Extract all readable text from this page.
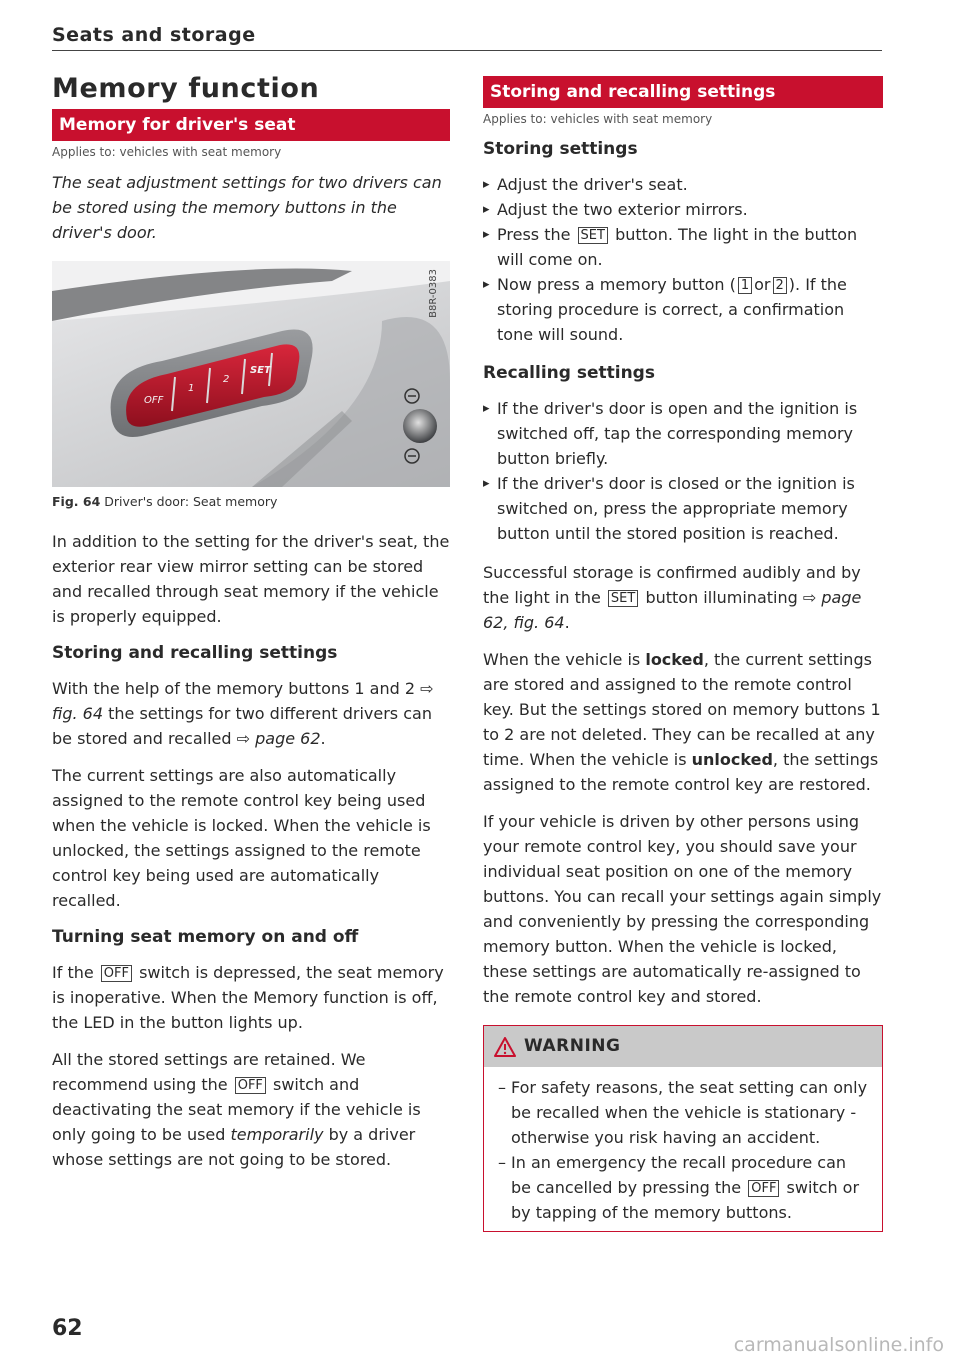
Seats and storage
Memory function
Memory for driver's seat
Applies to: vehicles with seat memory
The seat adjustment settings for two drivers can be stored using the memory buttons in the driver's door.
OFF
1
2
SET
B8R-0383
Fig. 64 Driver's door: Seat memory

In addition to the setting for the driver's seat, the exterior rear view mirror setting can be stored and recalled through seat memory if the vehicle is properly equipped.

Storing and recalling settings

With the help of the memory buttons 1 and 2 ⇨ fig. 64 the settings for two different drivers can be stored and recalled ⇨ page 62.

The current settings are also automatically assigned to the remote control key being used when the vehicle is locked. When the vehicle is unlocked, the settings assigned to the remote control key being used are automatically recalled.

Turning seat memory on and off

If the OFF switch is depressed, the seat memory is inoperative. When the Memory function is off, the LED in the button lights up.

All the stored settings are retained. We recommend using the OFF switch and deactivating the seat memory if the vehicle is only going to be used temporarily by a driver whose settings are not going to be stored.

Storing and recalling settings
Applies to: vehicles with seat memory
Storing settings
▸ Adjust the driver's seat.
▸ Adjust the two exterior mirrors.
▸ Press the SET button. The light in the button will come on.
▸ Now press a memory button ( 1 or 2 ). If the storing procedure is correct, a confirmation tone will sound.
Recalling settings
▸ If the driver's door is open and the ignition is switched off, tap the corresponding memory button briefly.
▸ If the driver's door is closed or the ignition is switched on, press the appropriate memory button until the stored position is reached.

Successful storage is confirmed audibly and by the light in the SET button illuminating ⇨ page 62, fig. 64.

When the vehicle is locked, the current settings are stored and assigned to the remote control key. But the settings stored on memory buttons 1 to 2 are not deleted. They can be recalled at any time. When the vehicle is unlocked, the settings assigned to the remote control key are restored.

If your vehicle is driven by other persons using your remote control key, you should save your individual seat position on one of the memory buttons. You can recall your settings again simply and conveniently by pressing the corresponding memory button. When the vehicle is locked, these settings are automatically re-assigned to the remote control key and stored.

WARNING
– For safety reasons, the seat setting can only be recalled when the vehicle is stationary - otherwise you risk having an accident.
– In an emergency the recall procedure can be cancelled by pressing the OFF switch or by tapping of the memory buttons.
62
carmanualsonline.info
